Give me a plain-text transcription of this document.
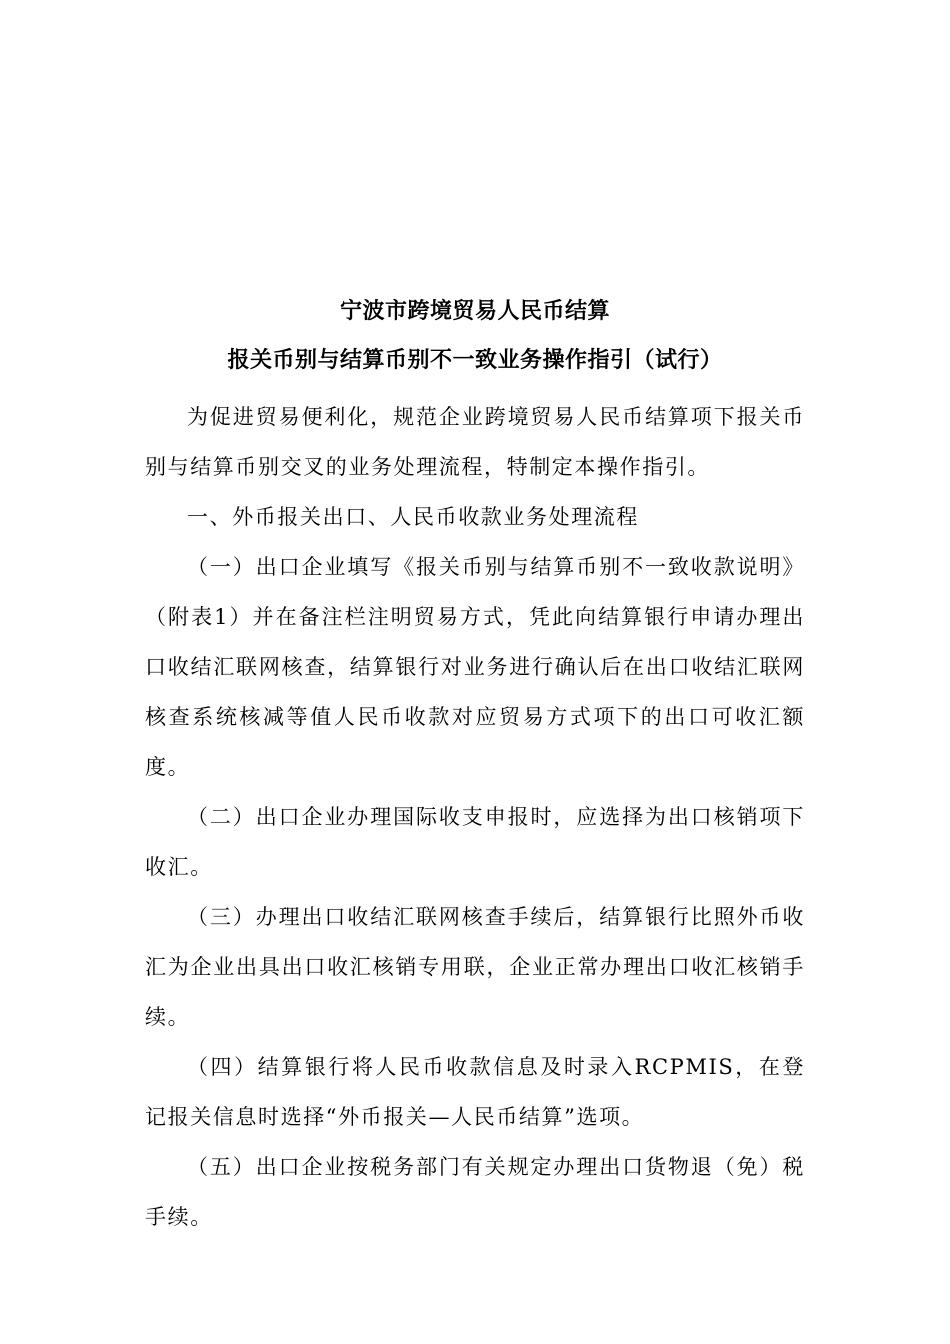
宁波市跨境贸易人民币结算
报关币别与结算币别不一致业务操作指引（试行）

为促进贸易便利化，规范企业跨境贸易人民币结算项下报关币别与结算币别交叉的业务处理流程，特制定本操作指引。

一、外币报关出口、人民币收款业务处理流程

（一）出口企业填写《报关币别与结算币别不一致收款说明》（附表1）并在备注栏注明贸易方式，凭此向结算银行申请办理出口收结汇联网核查，结算银行对业务进行确认后在出口收结汇联网核查系统核减等值人民币收款对应贸易方式项下的出口可收汇额度。

（二）出口企业办理国际收支申报时，应选择为出口核销项下收汇。

（三）办理出口收结汇联网核查手续后，结算银行比照外币收汇为企业出具出口收汇核销专用联，企业正常办理出口收汇核销手续。

（四）结算银行将人民币收款信息及时录入RCPMIS，在登记报关信息时选择“外币报关—人民币结算”选项。

（五）出口企业按税务部门有关规定办理出口货物退（免）税手续。
